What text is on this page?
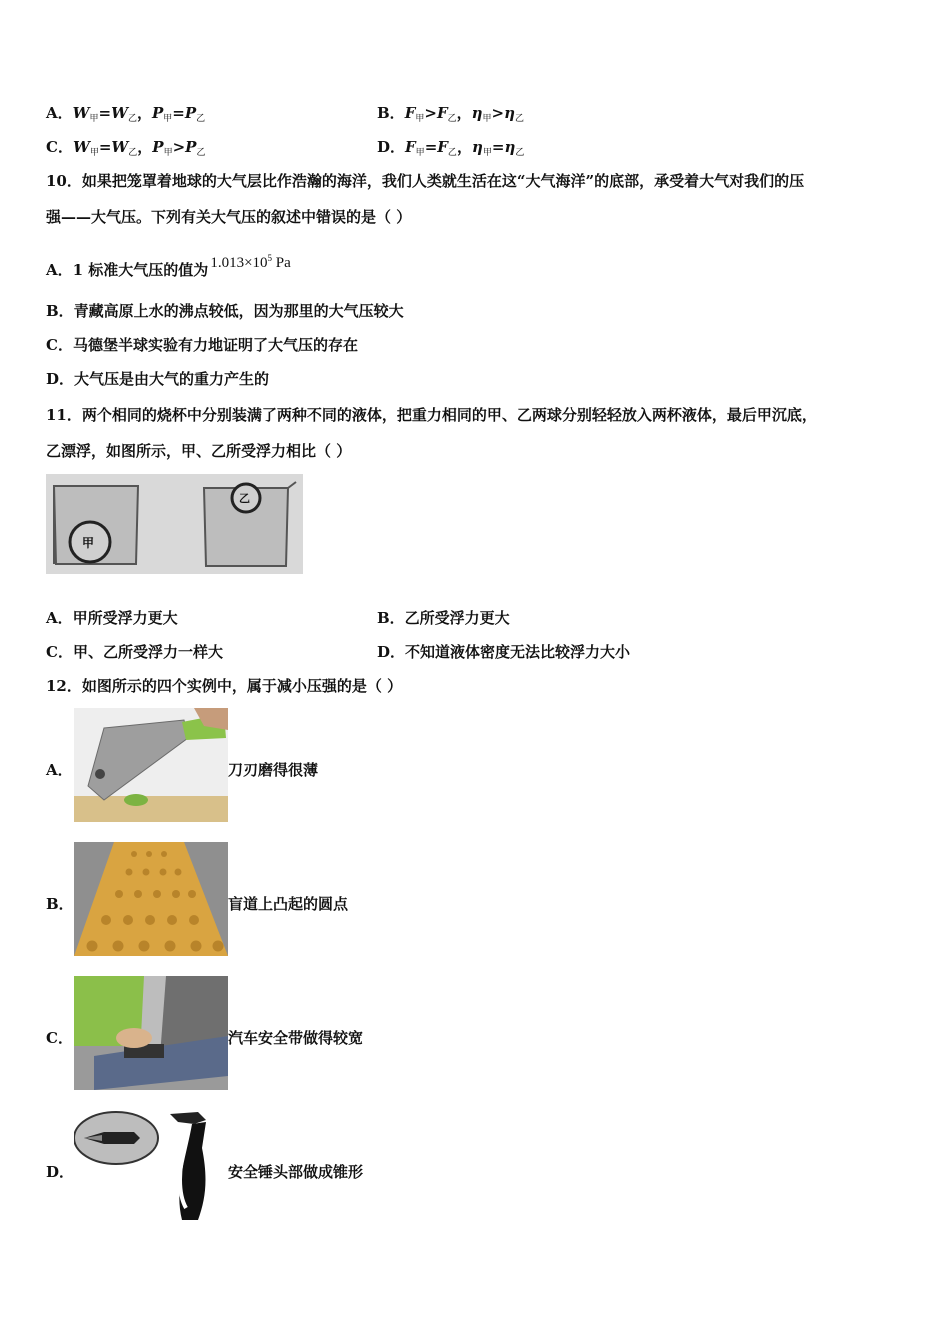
A．$W_甲=W_乙$，$P_甲=P_乙$	B．$F_甲>F_乙$，$\eta_甲>\eta_乙$
C．$W_甲=W_乙$，$P_甲>P_乙$	D．$F_甲=F_乙$，$\eta_甲=\eta_乙$
10．如果把笼罩着地球的大气层比作浩瀚的海洋，我们人类就生活在这“大气海洋”的底部，承受着大气对我们的压
强——大气压。下列有关大气压的叙述中错误的是（ ）
A．1 标准大气压的值为 $1.013\times 10^5$ Pa
B．青藏高原上水的沸点较低，因为那里的大气压较大
C．马德堡半球实验有力地证明了大气压的存在
D．大气压是由大气的重力产生的
11．两个相同的烧杯中分别装满了两种不同的液体，把重力相同的甲、乙两球分别轻轻放入两杯液体，最后甲沉底，
乙漂浮，如图所示，甲、乙所受浮力相比（ ）
甲
乙
A．甲所受浮力更大	B．乙所受浮力更大
C．甲、乙所受浮力一样大	D．不知道液体密度无法比较浮力大小
12．如图所示的四个实例中，属于减小压强的是（ ）
A．	刀刃磨得很薄
B．	盲道上凸起的圆点
C．	汽车安全带做得较宽
D．	安全锤头部做成锥形
